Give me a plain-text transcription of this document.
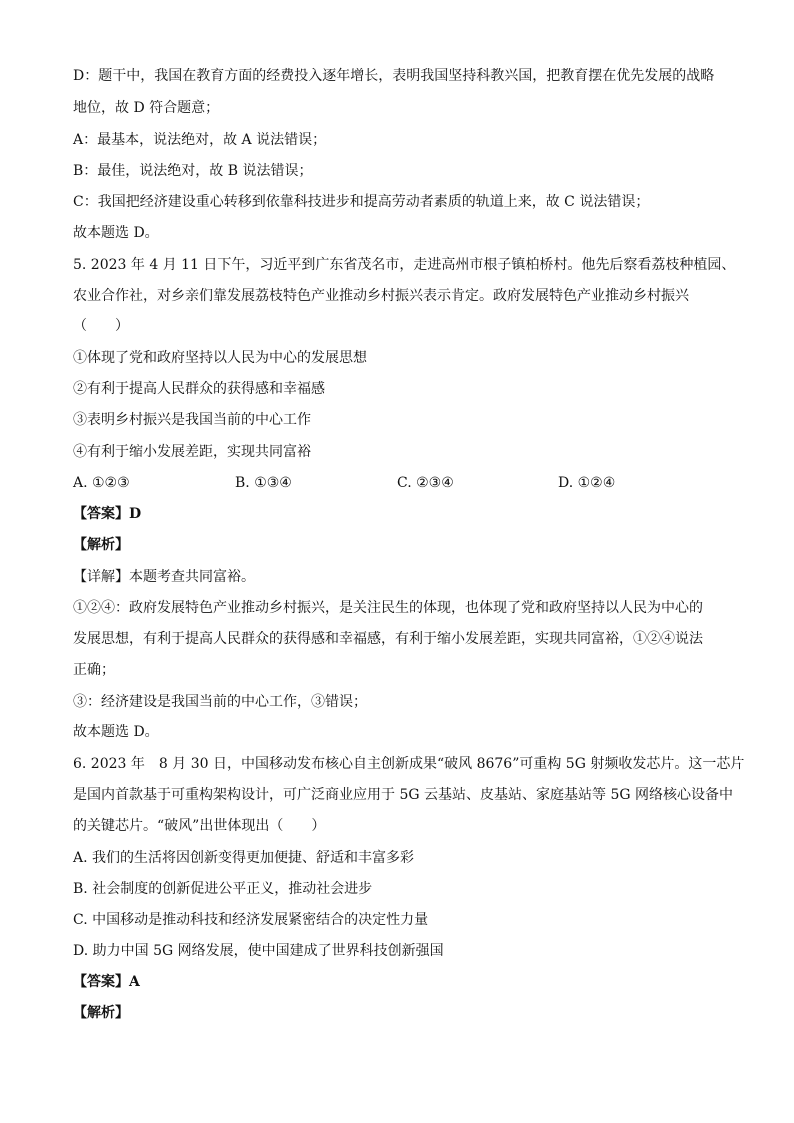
D：题干中，我国在教育方面的经费投入逐年增长，表明我国坚持科教兴国，把教育摆在优先发展的战略
地位，故 D 符合题意；
A：最基本，说法绝对，故 A 说法错误；
B：最佳，说法绝对，故 B 说法错误；
C：我国把经济建设重心转移到依靠科技进步和提高劳动者素质的轨道上来，故 C 说法错误；
故本题选 D。
5. 2023 年 4 月 11 日下午，习近平到广东省茂名市，走进高州市根子镇柏桥村。他先后察看荔枝种植园、
农业合作社，对乡亲们靠发展荔枝特色产业推动乡村振兴表示肯定。政府发展特色产业推动乡村振兴
（　　）
①体现了党和政府坚持以人民为中心的发展思想
②有利于提高人民群众的获得感和幸福感
③表明乡村振兴是我国当前的中心工作
④有利于缩小发展差距，实现共同富裕
A. ①②③	B. ①③④	C. ②③④	D. ①②④
【答案】D
【解析】
【详解】本题考查共同富裕。
①②④：政府发展特色产业推动乡村振兴，是关注民生的体现，也体现了党和政府坚持以人民为中心的
发展思想，有利于提高人民群众的获得感和幸福感，有利于缩小发展差距，实现共同富裕，①②④说法
正确；
③：经济建设是我国当前的中心工作，③错误；
故本题选 D。
6. 2023 年　8 月 30 日，中国移动发布核心自主创新成果“破风 8676”可重构 5G 射频收发芯片。这一芯片
是国内首款基于可重构架构设计，可广泛商业应用于 5G 云基站、皮基站、家庭基站等 5G 网络核心设备中
的关键芯片。“破风”出世体现出（　　）
A. 我们的生活将因创新变得更加便捷、舒适和丰富多彩
B. 社会制度的创新促进公平正义，推动社会进步
C. 中国移动是推动科技和经济发展紧密结合的决定性力量
D. 助力中国 5G 网络发展，使中国建成了世界科技创新强国
【答案】A
【解析】
